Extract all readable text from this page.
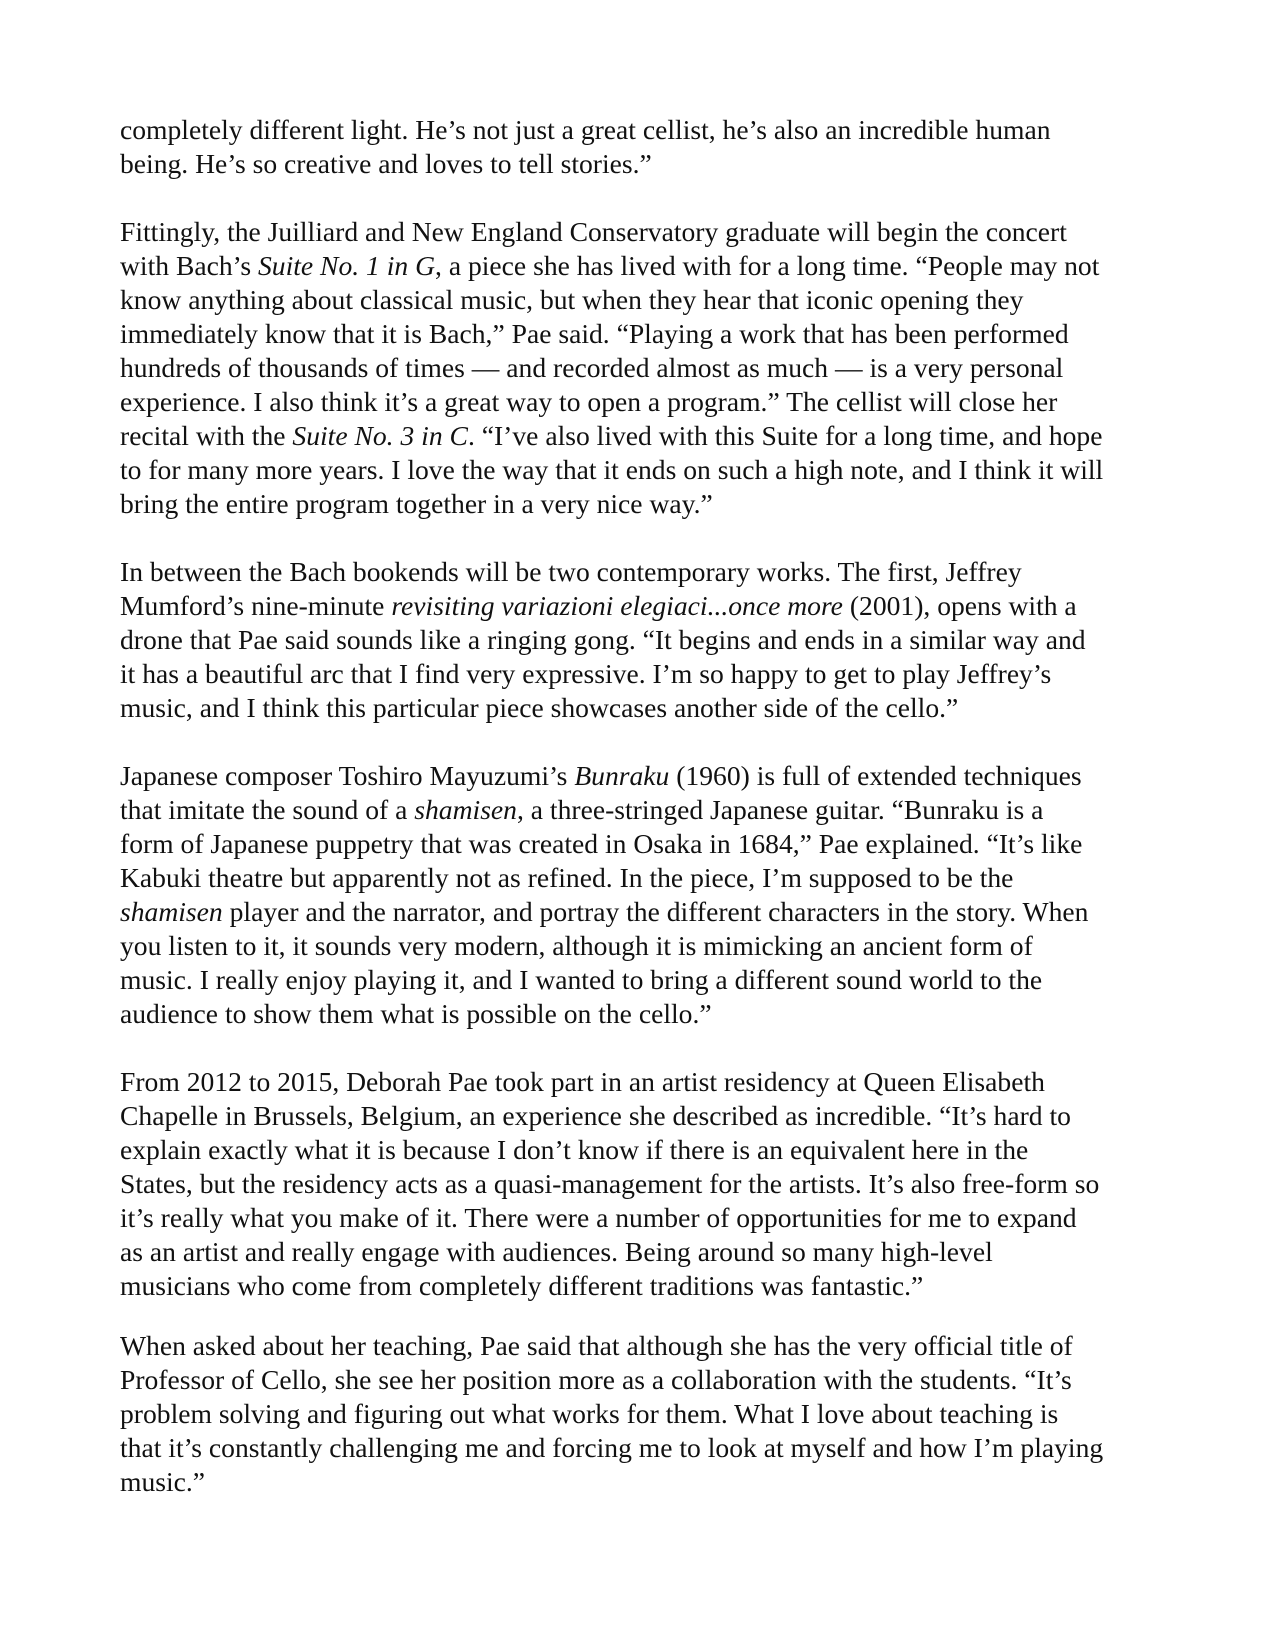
completely different light. He’s not just a great cellist, he’s also an incredible human
being. He’s so creative and loves to tell stories.”
Fittingly, the Juilliard and New England Conservatory graduate will begin the concert
with Bach’s Suite No. 1 in G, a piece she has lived with for a long time. “People may not
know anything about classical music, but when they hear that iconic opening they
immediately know that it is Bach,” Pae said. “Playing a work that has been performed
hundreds of thousands of times — and recorded almost as much — is a very personal
experience. I also think it’s a great way to open a program.” The cellist will close her
recital with the Suite No. 3 in C. “I’ve also lived with this Suite for a long time, and hope
to for many more years. I love the way that it ends on such a high note, and I think it will
bring the entire program together in a very nice way.”
In between the Bach bookends will be two contemporary works. The first, Jeffrey
Mumford’s nine-minute revisiting variazioni elegiaci...once more (2001), opens with a
drone that Pae said sounds like a ringing gong. “It begins and ends in a similar way and
it has a beautiful arc that I find very expressive. I’m so happy to get to play Jeffrey’s
music, and I think this particular piece showcases another side of the cello.”
Japanese composer Toshiro Mayuzumi’s Bunraku (1960) is full of extended techniques
that imitate the sound of a shamisen, a three-stringed Japanese guitar. “Bunraku is a
form of Japanese puppetry that was created in Osaka in 1684,” Pae explained. “It’s like
Kabuki theatre but apparently not as refined. In the piece, I’m supposed to be the
shamisen player and the narrator, and portray the different characters in the story. When
you listen to it, it sounds very modern, although it is mimicking an ancient form of
music. I really enjoy playing it, and I wanted to bring a different sound world to the
audience to show them what is possible on the cello.”
From 2012 to 2015, Deborah Pae took part in an artist residency at Queen Elisabeth
Chapelle in Brussels, Belgium, an experience she described as incredible. “It’s hard to
explain exactly what it is because I don’t know if there is an equivalent here in the
States, but the residency acts as a quasi-management for the artists. It’s also free-form so
it’s really what you make of it. There were a number of opportunities for me to expand
as an artist and really engage with audiences. Being around so many high-level
musicians who come from completely different traditions was fantastic.”
When asked about her teaching, Pae said that although she has the very official title of
Professor of Cello, she see her position more as a collaboration with the students. “It’s
problem solving and figuring out what works for them. What I love about teaching is
that it’s constantly challenging me and forcing me to look at myself and how I’m playing
music.”
